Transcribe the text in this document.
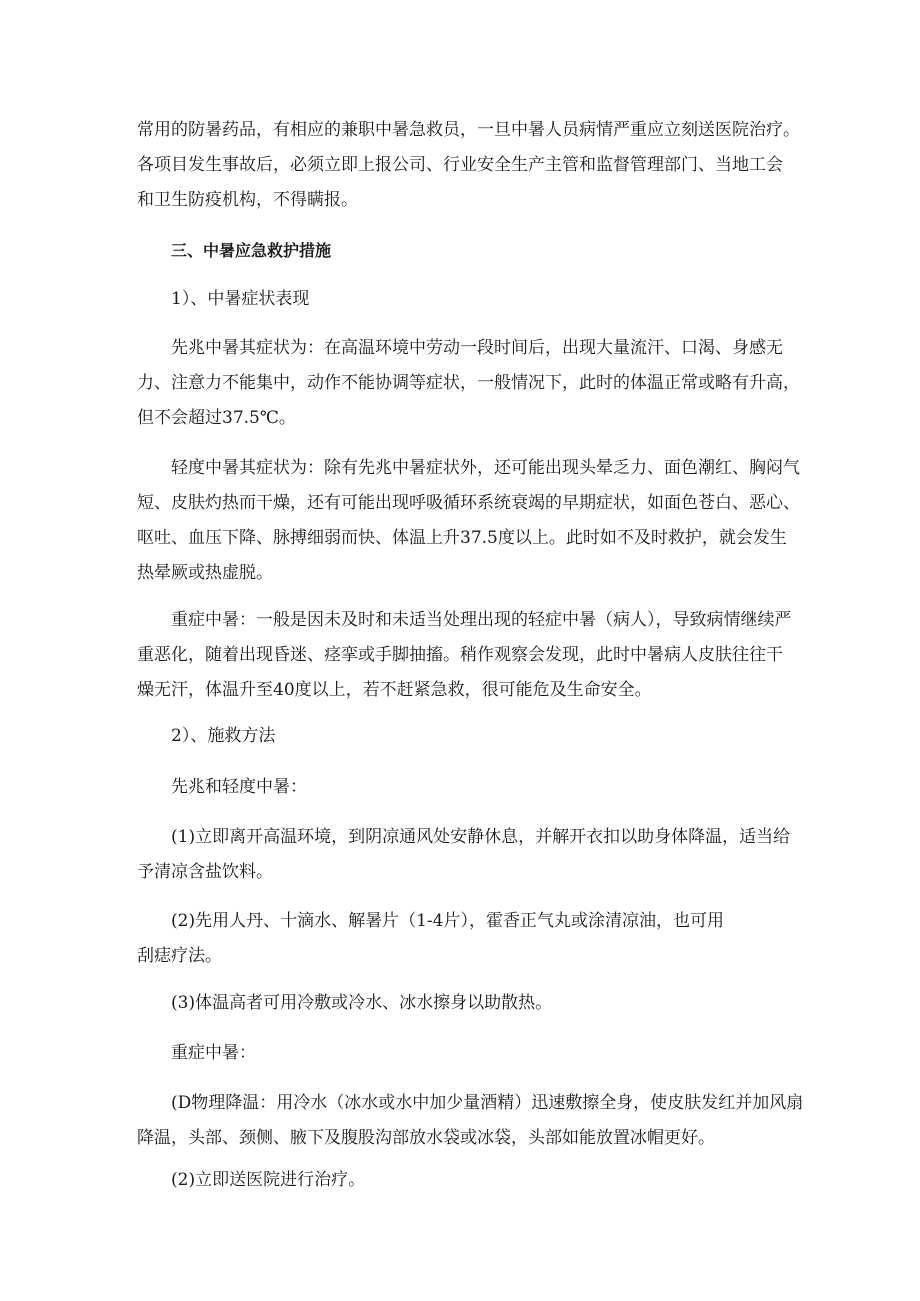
常用的防暑药品，有相应的兼职中暑急救员，一旦中暑人员病情严重应立刻送医院治疗。
各项目发生事故后，必须立即上报公司、行业安全生产主管和监督管理部门、当地工会
和卫生防疫机构，不得瞒报。

三、中暑应急救护措施

1）、中暑症状表现

先兆中暑其症状为：在高温环境中劳动一段时间后，出现大量流汗、口渴、身感无
力、注意力不能集中，动作不能协调等症状，一般情况下，此时的体温正常或略有升高，
但不会超过37.5℃。

轻度中暑其症状为：除有先兆中暑症状外，还可能出现头晕乏力、面色潮红、胸闷气
短、皮肤灼热而干燥，还有可能出现呼吸循环系统衰竭的早期症状，如面色苍白、恶心、
呕吐、血压下降、脉搏细弱而快、体温上升37.5度以上。此时如不及时救护，就会发生
热晕厥或热虚脱。

重症中暑：一般是因未及时和未适当处理出现的轻症中暑（病人），导致病情继续严
重恶化，随着出现昏迷、痉挛或手脚抽搐。稍作观察会发现，此时中暑病人皮肤往往干
燥无汗，体温升至40度以上，若不赶紧急救，很可能危及生命安全。

2）、施救方法

先兆和轻度中暑：

(1)立即离开高温环境，到阴凉通风处安静休息，并解开衣扣以助身体降温，适当给
予清凉含盐饮料。

(2)先用人丹、十滴水、解暑片（1-4片），霍香正气丸或涂清凉油，也可用
刮痣疗法。

(3)体温高者可用冷敷或冷水、冰水擦身以助散热。

重症中暑：

(D物理降温：用冷水（冰水或水中加少量酒精）迅速敷擦全身，使皮肤发红并加风扇
降温，头部、颈侧、腋下及腹股沟部放水袋或冰袋，头部如能放置冰帽更好。

(2)立即送医院进行治疗。
